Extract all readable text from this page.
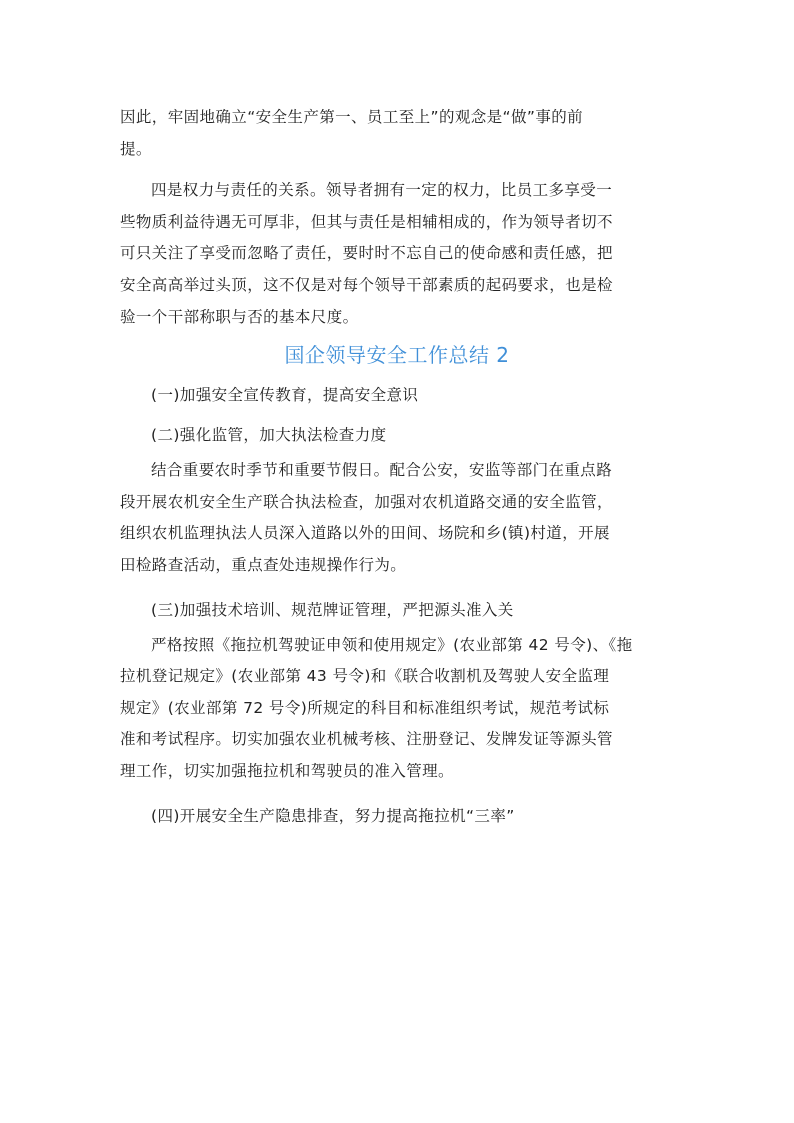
因此，牢固地确立“安全生产第一、员工至上”的观念是“做”事的前
提。
四是权力与责任的关系。领导者拥有一定的权力，比员工多享受一
些物质利益待遇无可厚非，但其与责任是相辅相成的，作为领导者切不
可只关注了享受而忽略了责任，要时时不忘自己的使命感和责任感，把
安全高高举过头顶，这不仅是对每个领导干部素质的起码要求，也是检
验一个干部称职与否的基本尺度。
国企领导安全工作总结 2
(一)加强安全宣传教育，提高安全意识
(二)强化监管，加大执法检查力度
结合重要农时季节和重要节假日。配合公安，安监等部门在重点路
段开展农机安全生产联合执法检查，加强对农机道路交通的安全监管，
组织农机监理执法人员深入道路以外的田间、场院和乡(镇)村道，开展
田检路查活动，重点查处违规操作行为。
(三)加强技术培训、规范牌证管理，严把源头准入关
严格按照《拖拉机驾驶证申领和使用规定》(农业部第 42 号令)、《拖
拉机登记规定》(农业部第 43 号令)和《联合收割机及驾驶人安全监理
规定》(农业部第 72 号令)所规定的科目和标准组织考试，规范考试标
准和考试程序。切实加强农业机械考核、注册登记、发牌发证等源头管
理工作，切实加强拖拉机和驾驶员的准入管理。
(四)开展安全生产隐患排查，努力提高拖拉机“三率”
